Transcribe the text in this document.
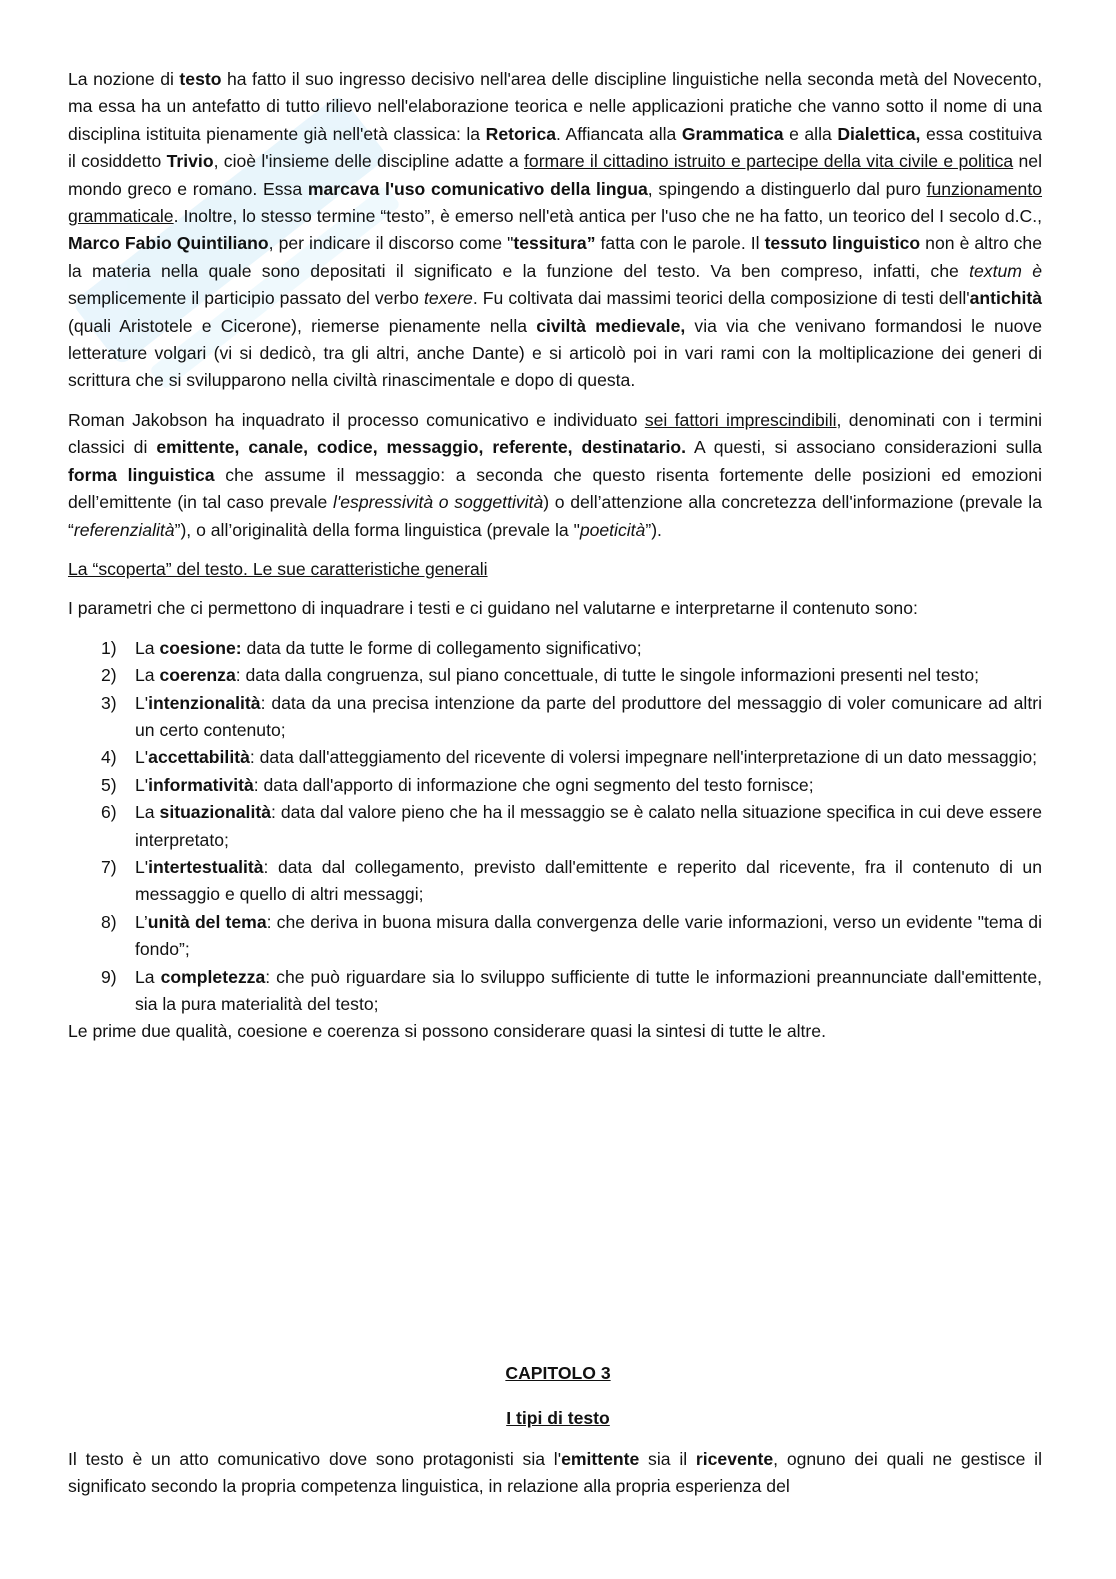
La nozione di testo ha fatto il suo ingresso decisivo nell'area delle discipline linguistiche nella seconda metà del Novecento, ma essa ha un antefatto di tutto rilievo nell'elaborazione teorica e nelle applicazioni pratiche che vanno sotto il nome di una disciplina istituita pienamente già nell'età classica: la Retorica. Affiancata alla Grammatica e alla Dialettica, essa costituiva il cosiddetto Trivio, cioè l'insieme delle discipline adatte a formare il cittadino istruito e partecipe della vita civile e politica nel mondo greco e romano. Essa marcava l'uso comunicativo della lingua, spingendo a distinguerlo dal puro funzionamento grammaticale. Inoltre, lo stesso termine “testo”, è emerso nell'età antica per l'uso che ne ha fatto, un teorico del I secolo d.C., Marco Fabio Quintiliano, per indicare il discorso come "tessitura” fatta con le parole. Il tessuto linguistico non è altro che la materia nella quale sono depositati il significato e la funzione del testo. Va ben compreso, infatti, che textum è semplicemente il participio passato del verbo texere. Fu coltivata dai massimi teorici della composizione di testi dell'antichità (quali Aristotele e Cicerone), riemerse pienamente nella civiltà medievale, via via che venivano formandosi le nuove letterature volgari (vi si dedicò, tra gli altri, anche Dante) e si articolò poi in vari rami con la moltiplicazione dei generi di scrittura che si svilupparono nella civiltà rinascimentale e dopo di questa.

Roman Jakobson ha inquadrato il processo comunicativo e individuato sei fattori imprescindibili, denominati con i termini classici di emittente, canale, codice, messaggio, referente, destinatario. A questi, si associano considerazioni sulla forma linguistica che assume il messaggio: a seconda che questo risenta fortemente delle posizioni ed emozioni dell’emittente (in tal caso prevale l'espressività o soggettività) o dell’attenzione alla concretezza dell'informazione (prevale la “referenzialità”), o all’originalità della forma linguistica (prevale la "poeticità”).

La “scoperta” del testo. Le sue caratteristiche generali

I parametri che ci permettono di inquadrare i testi e ci guidano nel valutarne e interpretarne il contenuto sono:

1) La coesione: data da tutte le forme di collegamento significativo;
2) La coerenza: data dalla congruenza, sul piano concettuale, di tutte le singole informazioni presenti nel testo;
3) L'intenzionalità: data da una precisa intenzione da parte del produttore del messaggio di voler comunicare ad altri un certo contenuto;
4) L'accettabilità: data dall'atteggiamento del ricevente di volersi impegnare nell'interpretazione di un dato messaggio;
5) L'informatività: data dall'apporto di informazione che ogni segmento del testo fornisce;
6) La situazionalità: data dal valore pieno che ha il messaggio se è calato nella situazione specifica in cui deve essere interpretato;
7) L'intertestualità: data dal collegamento, previsto dall'emittente e reperito dal ricevente, fra il contenuto di un messaggio e quello di altri messaggi;
8) L’unità del tema: che deriva in buona misura dalla convergenza delle varie informazioni, verso un evidente "tema di fondo”;
9) La completezza: che può riguardare sia lo sviluppo sufficiente di tutte le informazioni preannunciate dall'emittente, sia la pura materialità del testo;

Le prime due qualità, coesione e coerenza si possono considerare quasi la sintesi di tutte le altre.

CAPITOLO 3
I tipi di testo

Il testo è un atto comunicativo dove sono protagonisti sia l'emittente sia il ricevente, ognuno dei quali ne gestisce il significato secondo la propria competenza linguistica, in relazione alla propria esperienza del
